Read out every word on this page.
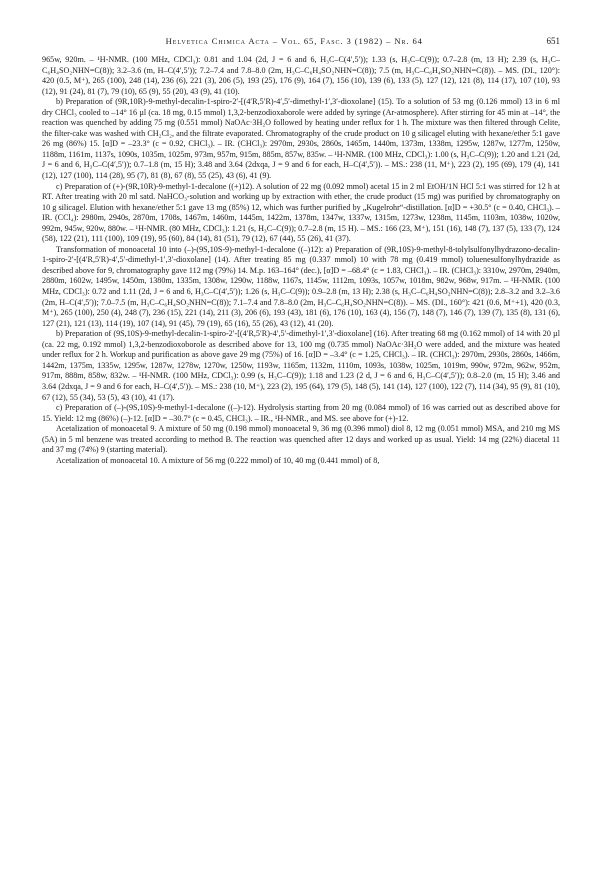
Helvetica Chimica Acta – Vol. 65, Fasc. 3 (1982) – Nr. 64	651

965w, 920m. – ¹H-NMR. (100 MHz, CDCl₃): 0.81 and 1.04 (2d, J = 6 and 6, H₃C–C(4′,5′)); 1.33 (s, H₃C–C(9)); 0.7–2.8 (m, 13 H); 2.39 (s, H₃C–C₆H₄SO₂NHN=C(8)); 3.2–3.6 (m, H–C(4′,5′)); 7.2–7.4 and 7.8–8.0 (2m, H₃C–C₆H₄SO₂NHN=C(8)); 7.5 (m, H₃C–C₆H₄SO₂NHN=C(8)). – MS. (DI., 120°): 420 (0.5, M⁺), 265 (100), 248 (14), 236 (6), 221 (3), 206 (5), 193 (25), 176 (9), 164 (7), 156 (10), 139 (6), 133 (5), 127 (12), 121 (8), 114 (17), 107 (10), 93 (12), 91 (24), 81 (7), 79 (10), 65 (9), 55 (20), 43 (9), 41 (10).

b) Preparation of (9R,10R)-9-methyl-decalin-1-spiro-2′-[(4′R,5′R)-4′,5′-dimethyl-1′,3′-dioxolane] (15). To a solution of 53 mg (0.126 mmol) 13 in 6 ml dry CHCl₃ cooled to –14° 16 µl (ca. 18 mg, 0.15 mmol) 1,3,2-benzodioxaborole were added by syringe (Ar-atmosphere). After stirring for 45 min at –14°, the reaction was quenched by adding 75 mg (0.551 mmol) NaOAc·3H₂O followed by heating under reflux for 1 h. The mixture was then filtered through Celite, the filter-cake was washed with CH₂Cl₂, and the filtrate evaporated. Chromatography of the crude product on 10 g silicagel eluting with hexane/ether 5:1 gave 26 mg (86%) 15. [α]D = –23.3° (c = 0.92, CHCl₃). – IR. (CHCl₃): 2970m, 2930s, 2860s, 1465m, 1440m, 1373m, 1338m, 1295w, 1287w, 1277m, 1250w, 1188m, 1161m, 1137s, 1090s, 1035m, 1025m, 973m, 957m, 915m, 885m, 857w, 835w. – ¹H-NMR. (100 MHz, CDCl₃): 1.00 (s, H₃C–C(9)); 1.20 and 1.21 (2d, J = 6 and 6, H₃C–C(4′,5′)); 0.7–1.8 (m, 15 H); 3.48 and 3.64 (2dxqa, J = 9 and 6 for each, H–C(4′,5′)). – MS.: 238 (11, M⁺), 223 (2), 195 (69), 179 (4), 141 (12), 127 (100), 114 (28), 95 (7), 81 (8), 67 (8), 55 (25), 43 (6), 41 (9).

c) Preparation of (+)-(9R,10R)-9-methyl-1-decalone ((+)12). A solution of 22 mg (0.092 mmol) acetal 15 in 2 ml EtOH/1N HCl 5:1 was stirred for 12 h at RT. After treating with 20 ml satd. NaHCO₃-solution and working up by extraction with ether, the crude product (15 mg) was purified by chromatography on 10 g silicagel. Elution with hexane/ether 5:1 gave 13 mg (85%) 12, which was further purified by „Kugelrohr“-distillation. [α]D = +30.5° (c = 0.40, CHCl₃). – IR. (CCl₄): 2980m, 2940s, 2870m, 1708s, 1467m, 1460m, 1445m, 1422m, 1378m, 1347w, 1337w, 1315m, 1273w, 1238m, 1145m, 1103m, 1038w, 1020w, 992m, 945w, 920w, 880w. – ¹H-NMR. (80 MHz, CDCl₃): 1.21 (s, H₃C–C(9)); 0.7–2.8 (m, 15 H). – MS.: 166 (23, M⁺), 151 (16), 148 (7), 137 (5), 133 (7), 124 (58), 122 (21), 111 (100), 109 (19), 95 (60), 84 (14), 81 (51), 79 (12), 67 (44), 55 (26), 41 (37).

Transformation of monoacetal 10 into (–)-(9S,10S-9)-methyl-1-decalone ((–)12): a) Preparation of (9R,10S)-9-methyl-8-tolylsulfonylhydrazono-decalin-1-spiro-2′-[(4′R,5′R)-4′,5′-dimethyl-1′,3′-dioxolane] (14). After treating 85 mg (0.337 mmol) 10 with 78 mg (0.419 mmol) toluenesulfonylhydrazide as described above for 9, chromatography gave 112 mg (79%) 14. M.p. 163–164° (dec.), [α]D = –68.4° (c = 1.83, CHCl₃). – IR. (CHCl₃): 3310w, 2970m, 2940m, 2880m, 1602w, 1495w, 1450m, 1380m, 1335m, 1308w, 1290w, 1188w, 1167s, 1145w, 1112m, 1093s, 1057w, 1018m, 982w, 968w, 917m. – ¹H-NMR. (100 MHz, CDCl₃): 0.72 and 1.11 (2d, J = 6 and 6, H₃C–C(4′,5′)); 1.26 (s, H₃C–C(9)); 0.9–2.8 (m, 13 H); 2.38 (s, H₃C–C₆H₄SO₂NHN=C(8)); 2.8–3.2 and 3.2–3.6 (2m, H–C(4′,5′)); 7.0–7.5 (m, H₃C–C₆H₄SO₂NHN=C(8)); 7.1–7.4 and 7.8–8.0 (2m, H₃C–C₆H₄SO₂NHN=C(8)). – MS. (DI., 160°): 421 (0.6, M⁺+1), 420 (0.3, M⁺), 265 (100), 250 (4), 248 (7), 236 (15), 221 (14), 211 (3), 206 (6), 193 (43), 181 (6), 176 (10), 163 (4), 156 (7), 148 (7), 146 (7), 139 (7), 135 (8), 131 (6), 127 (21), 121 (13), 114 (19), 107 (14), 91 (45), 79 (19), 65 (16), 55 (26), 43 (12), 41 (20).

b) Preparation of (9S,10S)-9-methyl-decalin-1-spiro-2′-[(4′R,5′R)-4′,5′-dimethyl-1′,3′-dioxolane] (16). After treating 68 mg (0.162 mmol) of 14 with 20 µl (ca. 22 mg, 0.192 mmol) 1,3,2-benzodioxoborole as described above for 13, 100 mg (0.735 mmol) NaOAc·3H₂O were added, and the mixture was heated under reflux for 2 h. Workup and purification as above gave 29 mg (75%) of 16. [α]D = –3.4° (c = 1.25, CHCl₃). – IR. (CHCl₃): 2970m, 2930s, 2860s, 1466m, 1442m, 1375m, 1335w, 1295w, 1287w, 1278w, 1270w, 1250w, 1193w, 1165m, 1132m, 1110m, 1093s, 1038w, 1025m, 1019m, 990w, 972m, 962w, 952m, 917m, 888m, 858w, 832w. – ¹H-NMR. (100 MHz, CDCl₃): 0.99 (s, H₃C–C(9)); 1.18 and 1.23 (2 d, J = 6 and 6, H₃C–C(4′,5′)); 0.8–2.0 (m, 15 H); 3.46 and 3.64 (2dxqa, J = 9 and 6 for each, H–C(4′,5′)). – MS.: 238 (10, M⁺), 223 (2), 195 (64), 179 (5), 148 (5), 141 (14), 127 (100), 122 (7), 114 (34), 95 (9), 81 (10), 67 (12), 55 (34), 53 (5), 43 (10), 41 (17).

c) Preparation of (–)-(9S,10S)-9-methyl-1-decalone ((–)-12). Hydrolysis starting from 20 mg (0.084 mmol) of 16 was carried out as described above for 15. Yield: 12 mg (86%) (–)-12. [α]D = –30.7° (c = 0.45, CHCl₃). – IR., ¹H-NMR., and MS. see above for (+)-12.

Acetalization of monoacetal 9. A mixture of 50 mg (0.198 mmol) monoacetal 9, 36 mg (0.396 mmol) diol 8, 12 mg (0.051 mmol) MSA, and 210 mg MS (5A) in 5 ml benzene was treated according to method B. The reaction was quenched after 12 days and worked up as usual. Yield: 14 mg (22%) diacetal 11 and 37 mg (74%) 9 (starting material).

Acetalization of monoacetal 10. A mixture of 56 mg (0.222 mmol) of 10, 40 mg (0.441 mmol) of 8,
